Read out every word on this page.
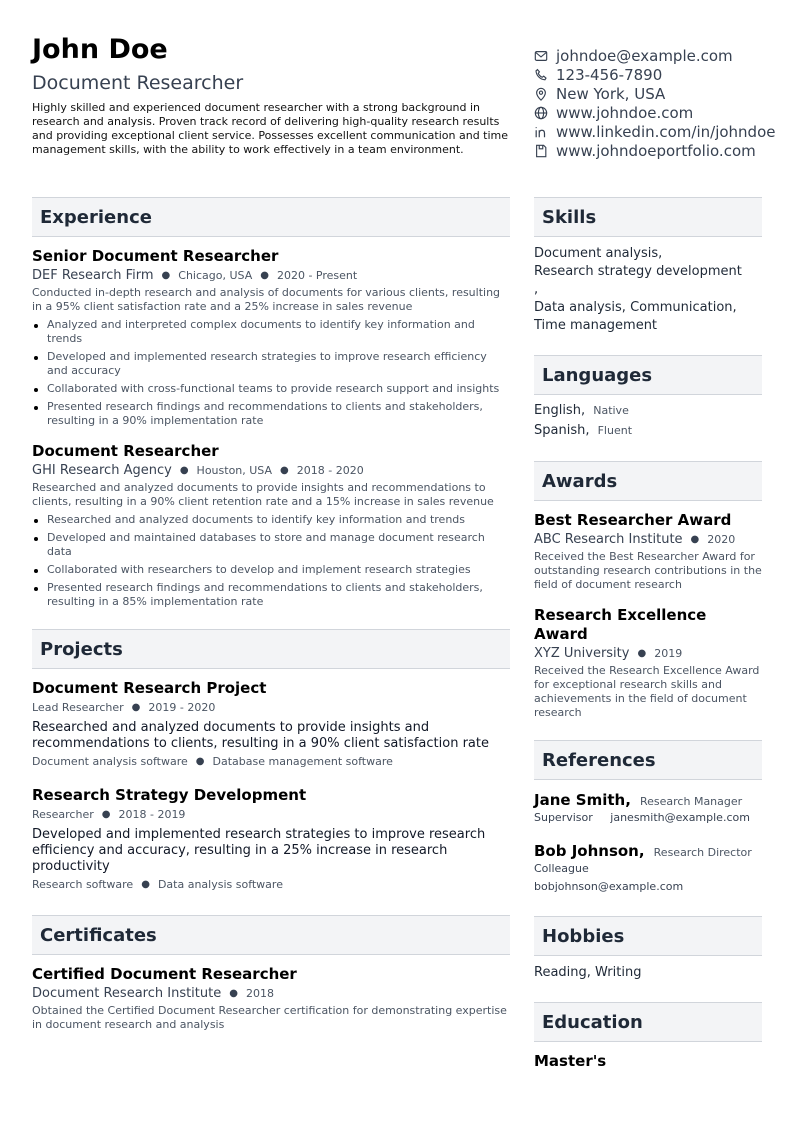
John Doe
Document Researcher
Highly skilled and experienced document researcher with a strong background in research and analysis. Proven track record of delivering high-quality research results and providing exceptional client service. Possesses excellent communication and time management skills, with the ability to work effectively in a team environment.
johndoe@example.com
123-456-7890
New York, USA
www.johndoe.com
www.linkedin.com/in/johndoe
www.johndoeportfolio.com
Experience
Senior Document Researcher
DEF Research Firm ● Chicago, USA ● 2020 - Present
Conducted in-depth research and analysis of documents for various clients, resulting in a 95% client satisfaction rate and a 25% increase in sales revenue
Analyzed and interpreted complex documents to identify key information and trends
Developed and implemented research strategies to improve research efficiency and accuracy
Collaborated with cross-functional teams to provide research support and insights
Presented research findings and recommendations to clients and stakeholders, resulting in a 90% implementation rate
Document Researcher
GHI Research Agency ● Houston, USA ● 2018 - 2020
Researched and analyzed documents to provide insights and recommendations to clients, resulting in a 90% client retention rate and a 15% increase in sales revenue
Researched and analyzed documents to identify key information and trends
Developed and maintained databases to store and manage document research data
Collaborated with researchers to develop and implement research strategies
Presented research findings and recommendations to clients and stakeholders, resulting in a 85% implementation rate
Projects
Document Research Project
Lead Researcher ● 2019 - 2020
Researched and analyzed documents to provide insights and recommendations to clients, resulting in a 90% client satisfaction rate
Document analysis software ● Database management software
Research Strategy Development
Researcher ● 2018 - 2019
Developed and implemented research strategies to improve research efficiency and accuracy, resulting in a 25% increase in research productivity
Research software ● Data analysis software
Certificates
Certified Document Researcher
Document Research Institute ● 2018
Obtained the Certified Document Researcher certification for demonstrating expertise in document research and analysis
Skills
Document analysis,
Research strategy development
,
Data analysis, Communication,
Time management
Languages
English, Native
Spanish, Fluent
Awards
Best Researcher Award
ABC Research Institute ● 2020
Received the Best Researcher Award for outstanding research contributions in the field of document research
Research Excellence Award
XYZ University ● 2019
Received the Research Excellence Award for exceptional research skills and achievements in the field of document research
References
Jane Smith, Research Manager
Supervisor janesmith@example.com
Bob Johnson, Research Director
Colleague
bobjohnson@example.com
Hobbies
Reading, Writing
Education
Master's
